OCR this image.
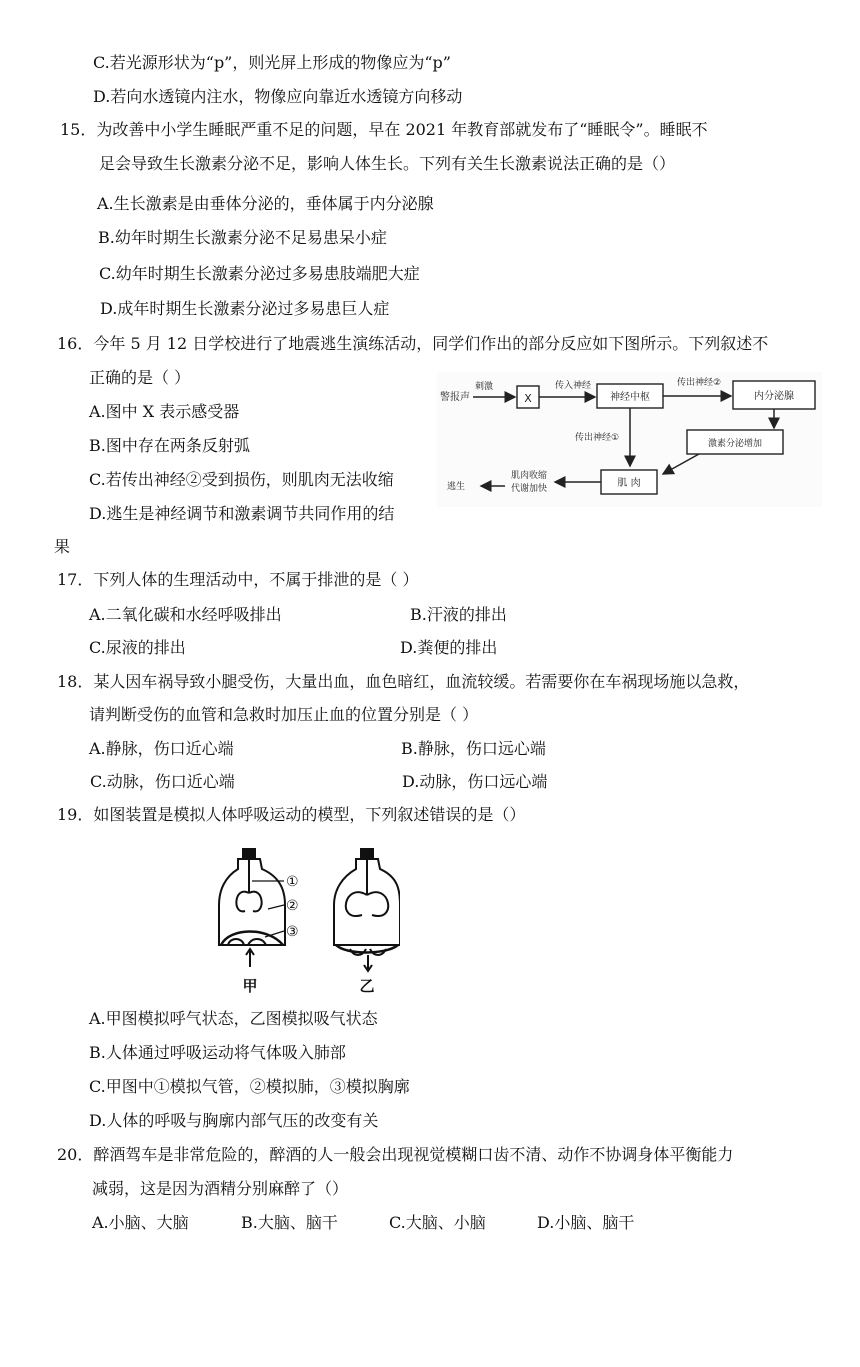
C.若光源形状为“p”，则光屏上形成的物像应为“p”
D.若向水透镜内注水，物像应向靠近水透镜方向移动
15．为改善中小学生睡眠严重不足的问题，早在 2021 年教育部就发布了“睡眠令”。睡眠不
足会导致生长激素分泌不足，影响人体生长。下列有关生长激素说法正确的是（）
A.生长激素是由垂体分泌的，垂体属于内分泌腺
B.幼年时期生长激素分泌不足易患呆小症
C.幼年时期生长激素分泌过多易患肢端肥大症
D.成年时期生长激素分泌过多易患巨人症
16．今年 5 月 12 日学校进行了地震逃生演练活动，同学们作出的部分反应如下图所示。下列叙述不
正确的是（ ）
A.图中 X 表示感受器
B.图中存在两条反射弧
C.若传出神经②受到损伤，则肌肉无法收缩
D.逃生是神经调节和激素调节共同作用的结
果
警报声
刺激
X
传入神经
神经中枢
传出神经②
内分泌腺
传出神经①
激素分泌增加
肌 肉
肌肉收缩
代谢加快
逃生
17．下列人体的生理活动中，不属于排泄的是（ ）
A.二氧化碳和水经呼吸排出	B.汗液的排出
C.尿液的排出	D.粪便的排出
18．某人因车祸导致小腿受伤，大量出血，血色暗红，血流较缓。若需要你在车祸现场施以急救，
请判断受伤的血管和急救时加压止血的位置分别是（ ）
A.静脉，伤口近心端	B.静脉，伤口远心端
C.动脉，伤口近心端	D.动脉，伤口远心端
19．如图装置是模拟人体呼吸运动的模型，下列叙述错误的是（）
①
②
③
甲	乙
A.甲图模拟呼气状态，乙图模拟吸气状态
B.人体通过呼吸运动将气体吸入肺部
C.甲图中①模拟气管，②模拟肺，③模拟胸廓
D.人体的呼吸与胸廓内部气压的改变有关
20．醉酒驾车是非常危险的，醉酒的人一般会出现视觉模糊口齿不清、动作不协调身体平衡能力
减弱，这是因为酒精分别麻醉了（）
A.小脑、大脑	B.大脑、脑干	C.大脑、小脑	D.小脑、脑干
